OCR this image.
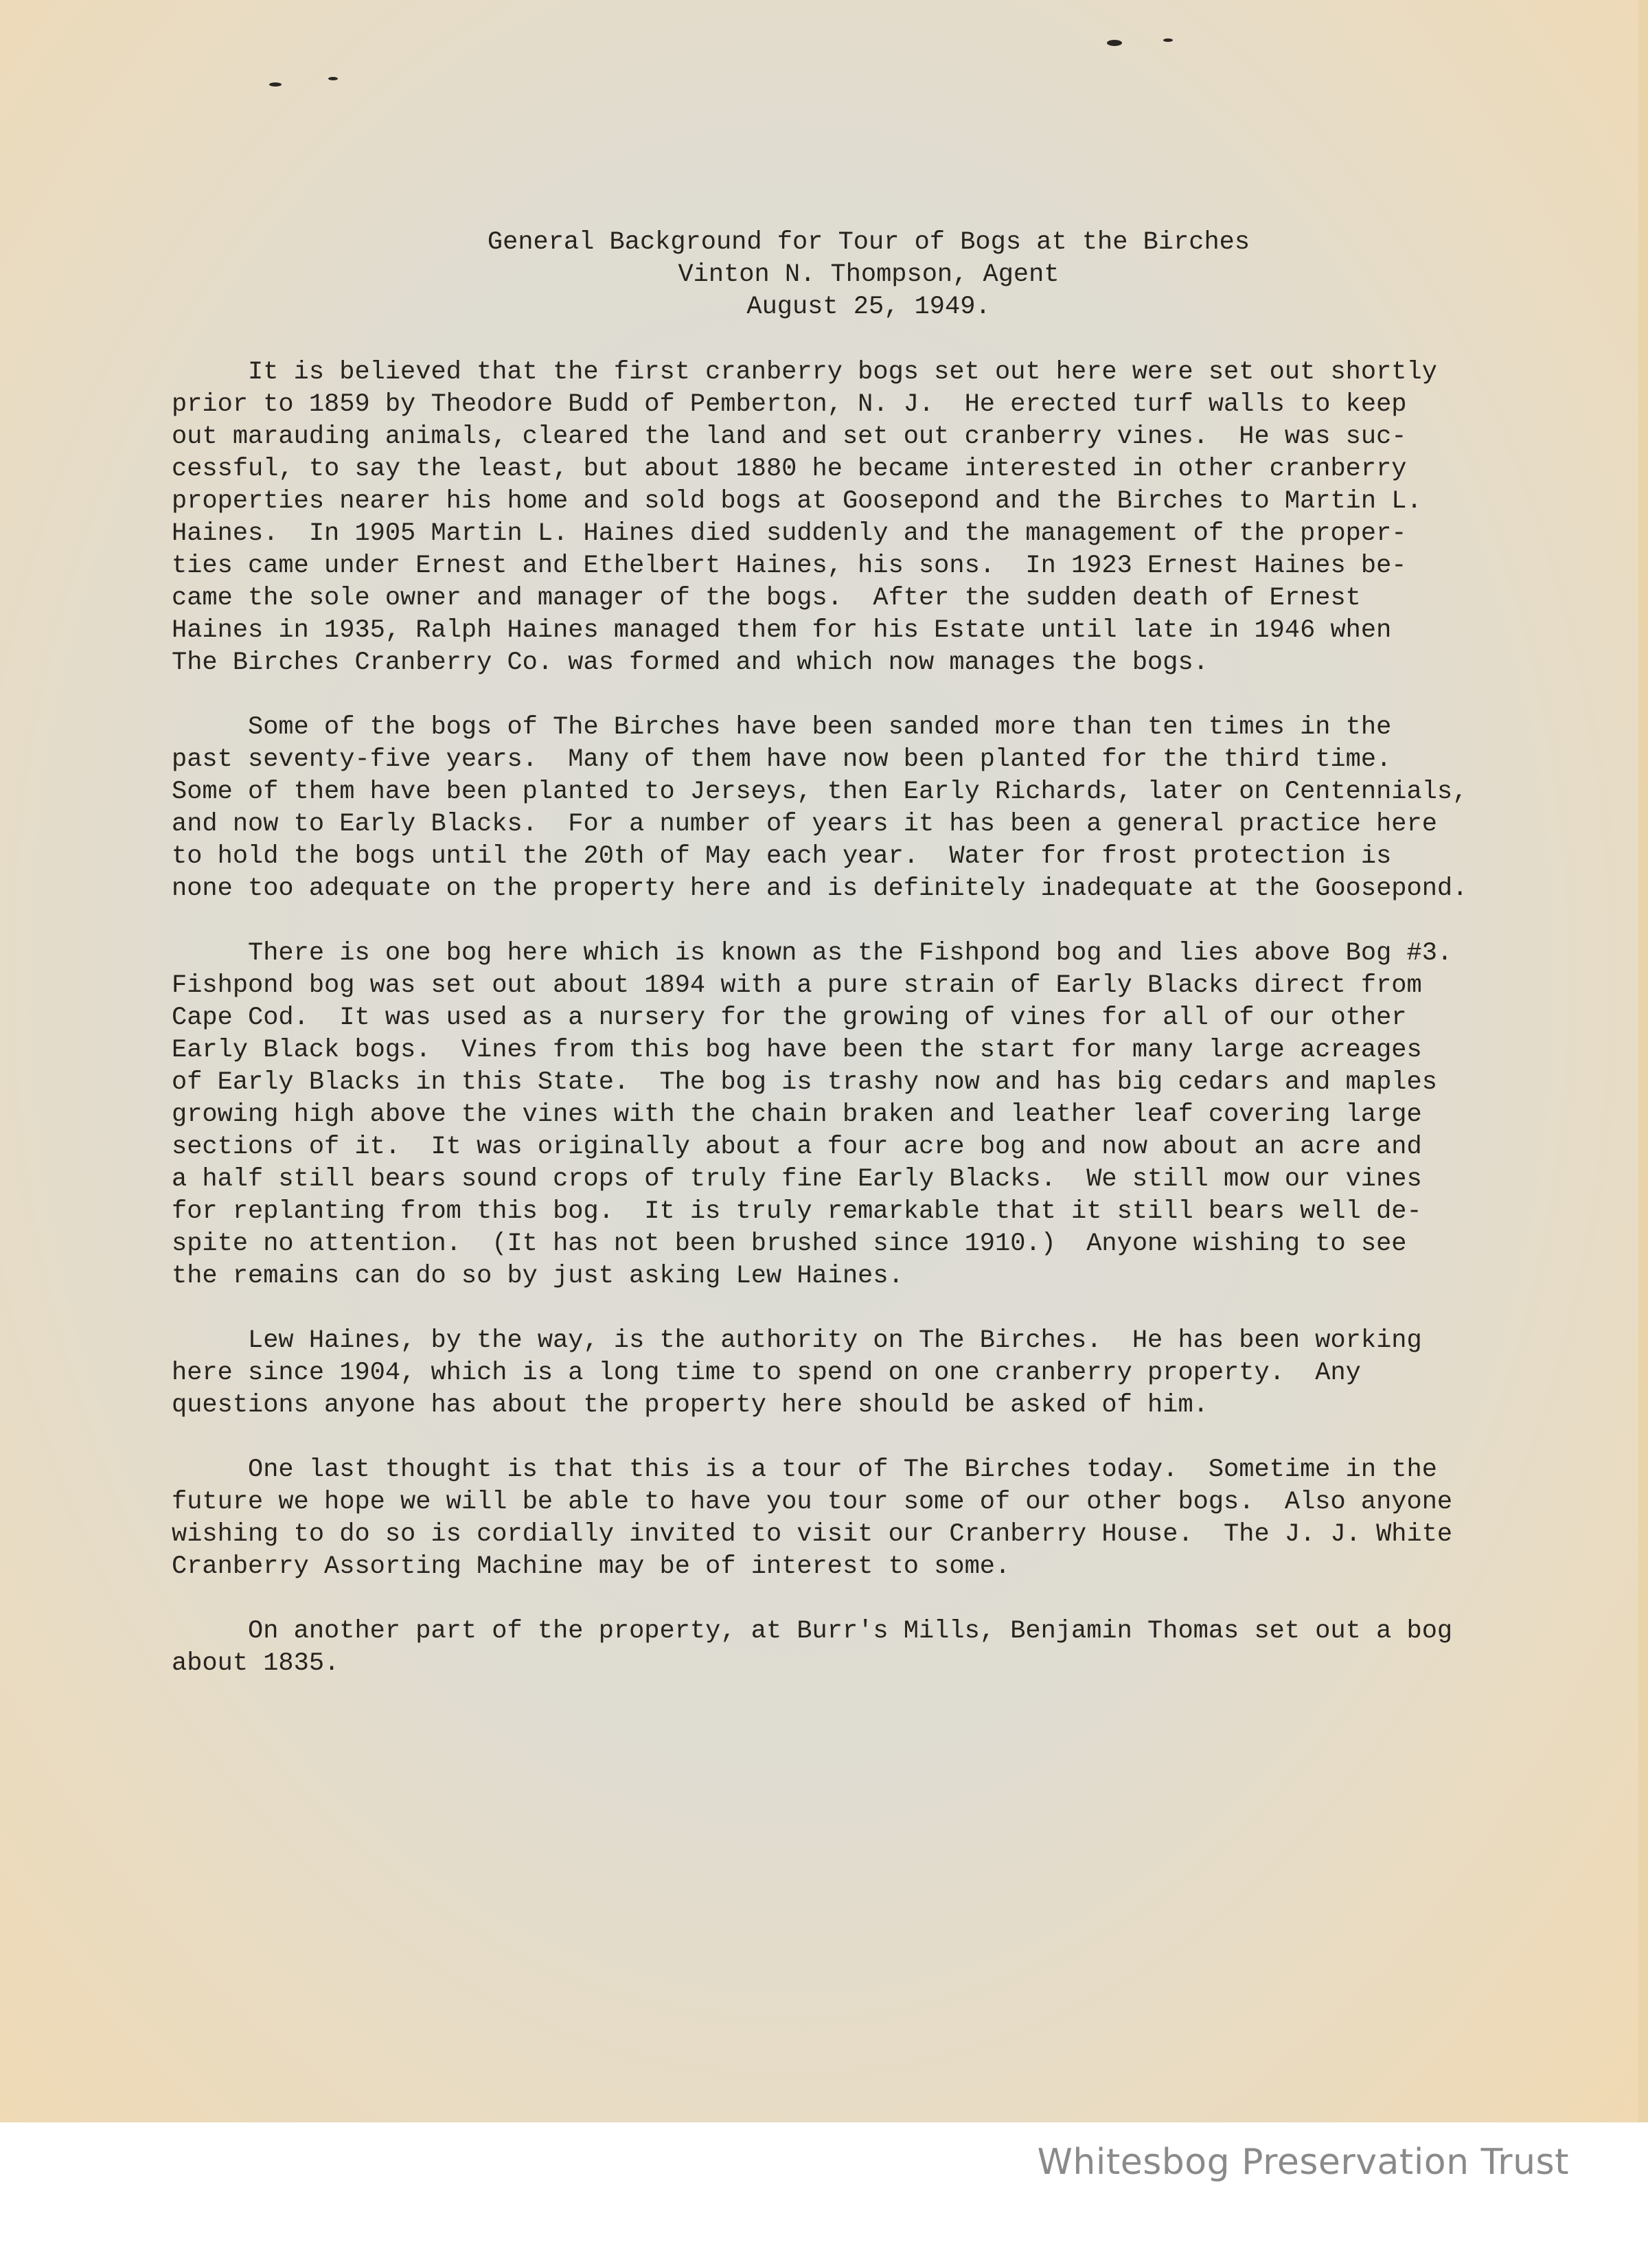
General Background for Tour of Bogs at the Birches
Vinton N. Thompson, Agent
August 25, 1949.
It is believed that the first cranberry bogs set out here were set out shortly
prior to 1859 by Theodore Budd of Pemberton, N. J.  He erected turf walls to keep
out marauding animals, cleared the land and set out cranberry vines.  He was suc-
cessful, to say the least, but about 1880 he became interested in other cranberry
properties nearer his home and sold bogs at Goosepond and the Birches to Martin L.
Haines.  In 1905 Martin L. Haines died suddenly and the management of the proper-
ties came under Ernest and Ethelbert Haines, his sons.  In 1923 Ernest Haines be-
came the sole owner and manager of the bogs.  After the sudden death of Ernest
Haines in 1935, Ralph Haines managed them for his Estate until late in 1946 when
The Birches Cranberry Co. was formed and which now manages the bogs.
Some of the bogs of The Birches have been sanded more than ten times in the
past seventy-five years.  Many of them have now been planted for the third time.
Some of them have been planted to Jerseys, then Early Richards, later on Centennials,
and now to Early Blacks.  For a number of years it has been a general practice here
to hold the bogs until the 20th of May each year.  Water for frost protection is
none too adequate on the property here and is definitely inadequate at the Goosepond.
There is one bog here which is known as the Fishpond bog and lies above Bog #3.
Fishpond bog was set out about 1894 with a pure strain of Early Blacks direct from
Cape Cod.  It was used as a nursery for the growing of vines for all of our other
Early Black bogs.  Vines from this bog have been the start for many large acreages
of Early Blacks in this State.  The bog is trashy now and has big cedars and maples
growing high above the vines with the chain braken and leather leaf covering large
sections of it.  It was originally about a four acre bog and now about an acre and
a half still bears sound crops of truly fine Early Blacks.  We still mow our vines
for replanting from this bog.  It is truly remarkable that it still bears well de-
spite no attention.  (It has not been brushed since 1910.)  Anyone wishing to see
the remains can do so by just asking Lew Haines.
Lew Haines, by the way, is the authority on The Birches.  He has been working
here since 1904, which is a long time to spend on one cranberry property.  Any
questions anyone has about the property here should be asked of him.
One last thought is that this is a tour of The Birches today.  Sometime in the
future we hope we will be able to have you tour some of our other bogs.  Also anyone
wishing to do so is cordially invited to visit our Cranberry House.  The J. J. White
Cranberry Assorting Machine may be of interest to some.
On another part of the property, at Burr's Mills, Benjamin Thomas set out a bog
about 1835.
Whitesbog Preservation Trust
